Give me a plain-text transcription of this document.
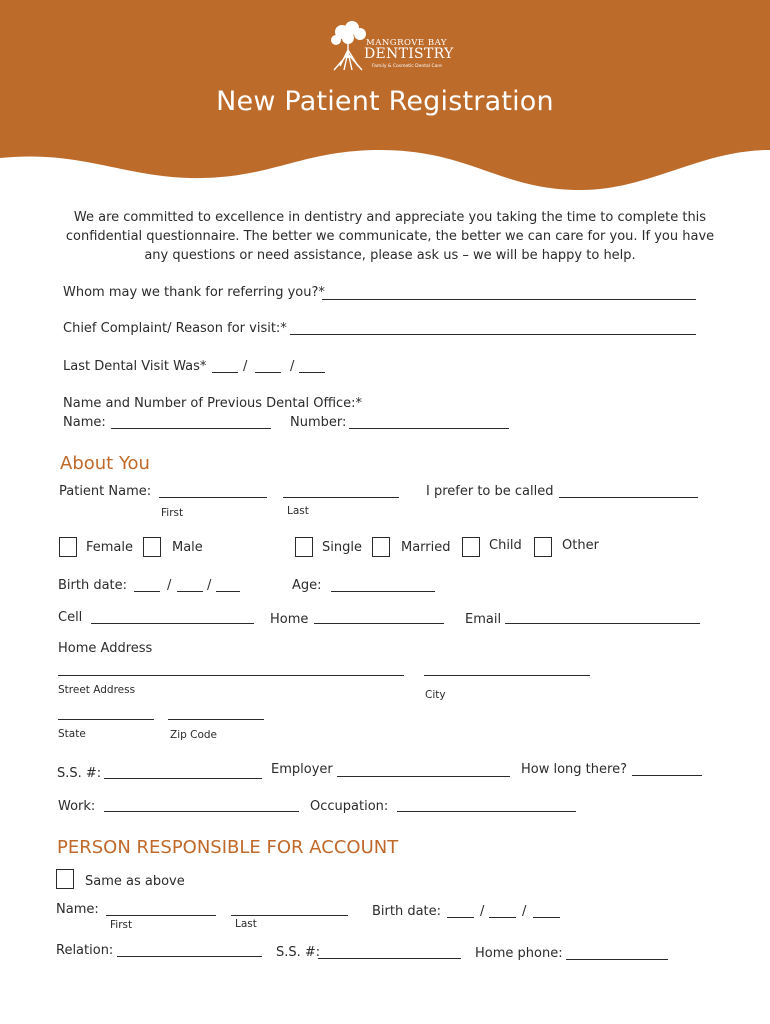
MANGROVE BAY
DENTISTRY
Family & Cosmetic Dental Care
New Patient Registration
We are committed to excellence in dentistry and appreciate you taking the time to complete this confidential questionnaire. The better we communicate, the better we can care for you. If you have any questions or need assistance, please ask us – we will be happy to help.
Whom may we thank for referring you?*
Chief Complaint/ Reason for visit:*
Last Dental Visit Was*	/	/
Name and Number of Previous Dental Office:*
Name:	Number:
About You
Patient Name:
First	Last
I prefer to be called
Female	Male	Single	Married	Child	Other
Birth date:	/	/	Age:
Cell	Home	Email
Home Address
Street Address	City
State	Zip Code
S.S. #:	Employer	How long there?
Work:	Occupation:
PERSON RESPONSIBLE FOR ACCOUNT
Same as above
Name:
First	Last
Birth date:	/	/
Relation:	S.S. #:	Home phone:
